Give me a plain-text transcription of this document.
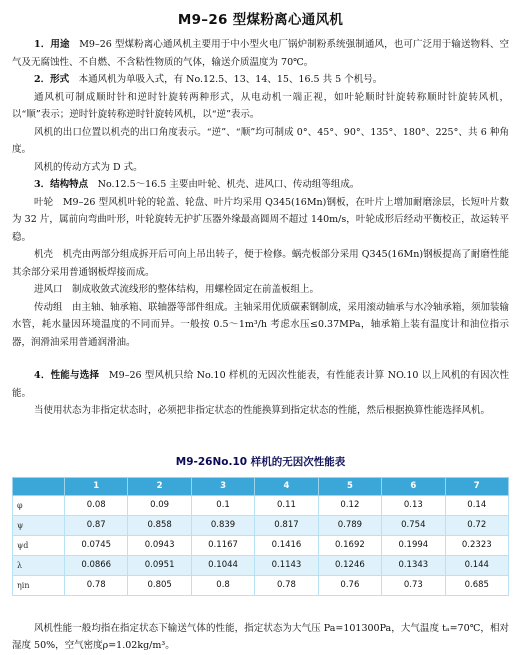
M9–26 型煤粉离心通风机

1．用途　M9–26 型煤粉离心通风机主要用于中小型火电厂锅炉制粉系统强制通风，也可广泛用于输送物料、空气及无腐蚀性、不自燃、不含粘性物质的气体，输送介质温度为 70℃。

2．形式　本通风机为单吸入式，有 No.12.5、13、14、15、16.5 共 5 个机号。

通风机可制成顺时针和逆时针旋转两种形式，从电动机一端正视，如叶轮顺时针旋转称顺时针旋转风机，以“顺”表示；逆时针旋转称逆时针旋转风机，以“逆”表示。

风机的出口位置以机壳的出口角度表示。“逆”、“顺”均可制成 0°、45°、90°、135°、180°、225°、共 6 种角度。

风机的传动方式为 D 式。

3．结构特点　No.12.5～16.5 主要由叶轮、机壳、进风口、传动组等组成。

叶轮　M9–26 型风机叶轮的轮盖、轮盘、叶片均采用 Q345(16Mn)钢板，在叶片上增加耐磨涂层，长短叶片数为 32 片，属前向弯曲叶形，叶轮旋转无护扩压器外缘最高圆周不超过 140m/s，叶轮成形后经动平衡校正，故运转平稳。

机壳　机壳由两部分组成拆开后可向上吊出转子，便于检修。蜗壳板部分采用 Q345(16Mn)钢板提高了耐磨性能其余部分采用普通钢板焊接而成。

进风口　制成收敛式流线形的整体结构，用螺栓固定在前盖板组上。

传动组　由主轴、轴承箱、联轴器等部件组成。主轴采用优质碳素钢制成，采用滚动轴承与水冷轴承箱，须加装输水管，耗水量因环境温度的不同而异。一般按 0.5～1m³/h 考虑水压≤0.37MPa，轴承箱上装有温度计和油位指示器，润滑油采用普通润滑油。

4．性能与选择　M9–26 型风机只给 No.10 样机的无因次性能表，有性能表计算 NO.10 以上风机的有因次性能。

当使用状态为非指定状态时，必须把非指定状态的性能换算到指定状态的性能，然后根据换算性能选择风机。

M9-26No.10 样机的无因次性能表
	1	2	3	4	5	6	7
φ	0.08	0.09	0.1	0.11	0.12	0.13	0.14
ψ	0.87	0.858	0.839	0.817	0.789	0.754	0.72
ψd	0.0745	0.0943	0.1167	0.1416	0.1692	0.1994	0.2323
λ	0.0866	0.0951	0.1044	0.1143	0.1246	0.1343	0.144
ηin	0.78	0.805	0.8	0.78	0.76	0.73	0.685
风机性能一般均指在指定状态下输送气体的性能，指定状态为大气压 Pa=101300Pa，大气温度 tₐ=70℃，相对湿度 50%，空气密度ρ=1.02kg/m³。
